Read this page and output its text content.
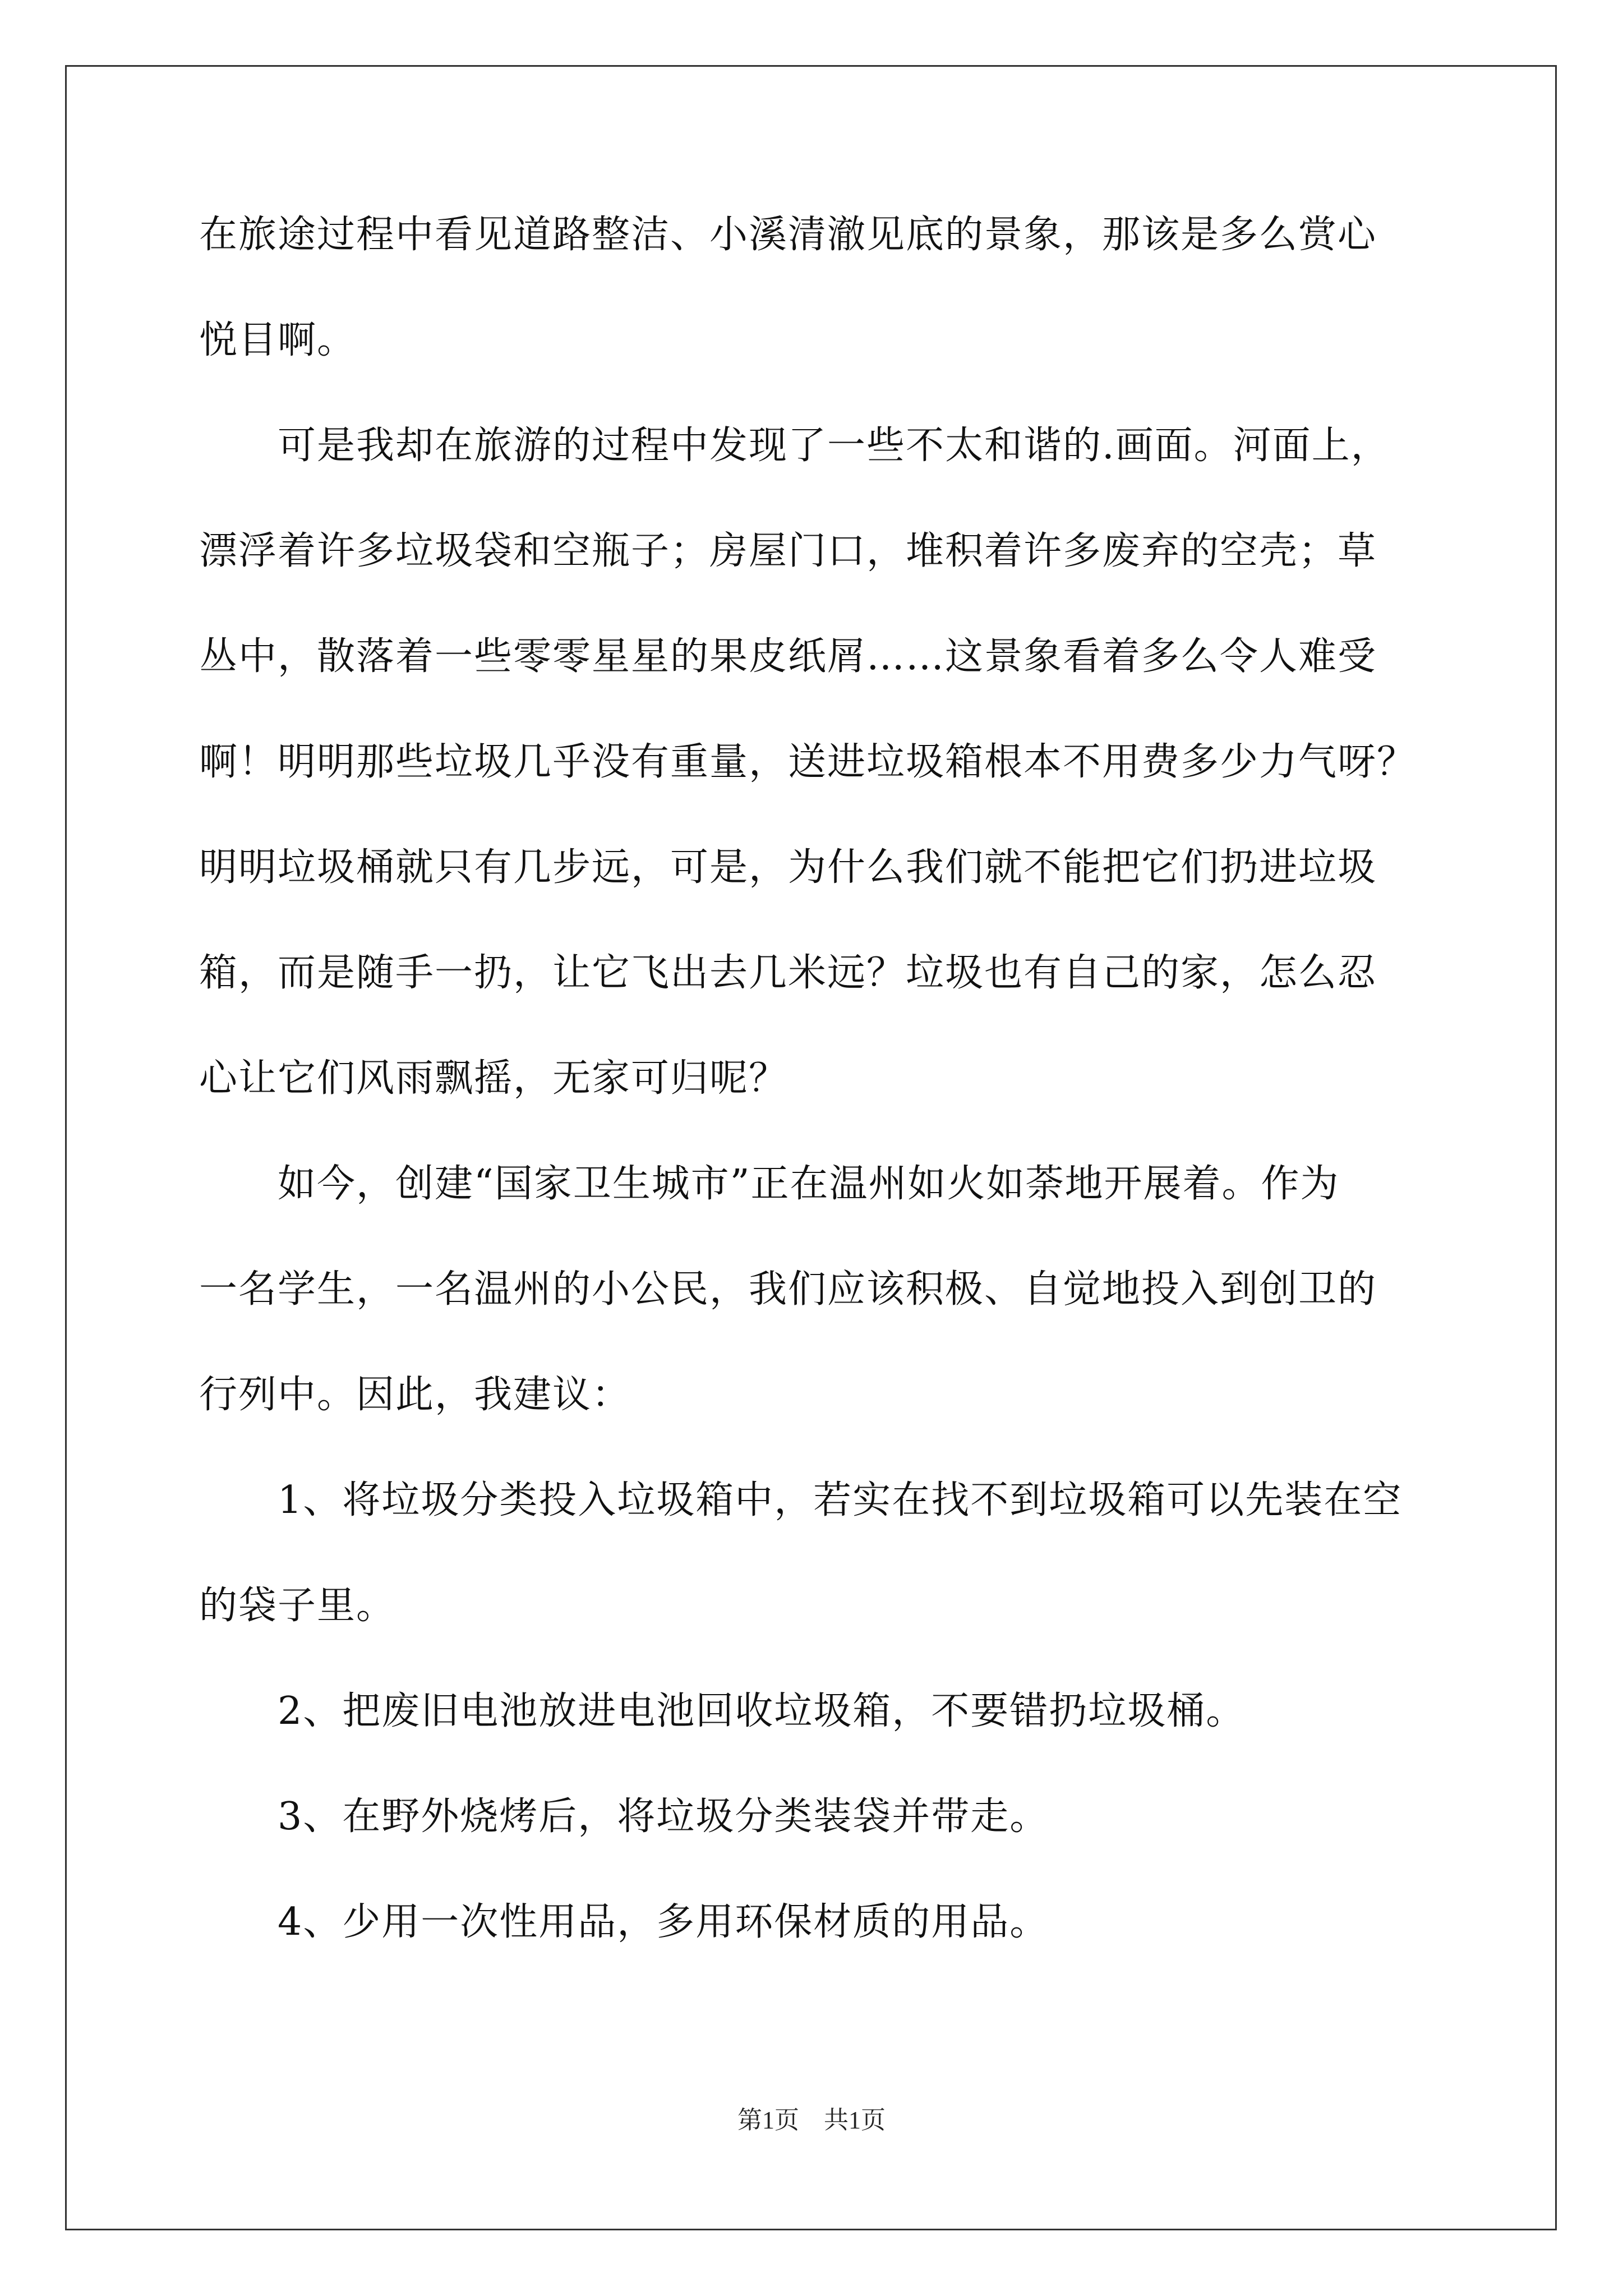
在旅途过程中看见道路整洁、小溪清澈见底的景象，那该是多么赏心

悦目啊。

可是我却在旅游的过程中发现了一些不太和谐的.画面。河面上，

漂浮着许多垃圾袋和空瓶子；房屋门口，堆积着许多废弃的空壳；草

丛中，散落着一些零零星星的果皮纸屑……这景象看着多么令人难受

啊！明明那些垃圾几乎没有重量，送进垃圾箱根本不用费多少力气呀？

明明垃圾桶就只有几步远，可是，为什么我们就不能把它们扔进垃圾

箱，而是随手一扔，让它飞出去几米远？垃圾也有自己的家，怎么忍

心让它们风雨飘摇，无家可归呢？

如今，创建“国家卫生城市”正在温州如火如荼地开展着。作为

一名学生，一名温州的小公民，我们应该积极、自觉地投入到创卫的

行列中。因此，我建议：

1、将垃圾分类投入垃圾箱中，若实在找不到垃圾箱可以先装在空

的袋子里。

2、把废旧电池放进电池回收垃圾箱，不要错扔垃圾桶。

3、在野外烧烤后，将垃圾分类装袋并带走。

4、少用一次性用品，多用环保材质的用品。

第1页　共1页
